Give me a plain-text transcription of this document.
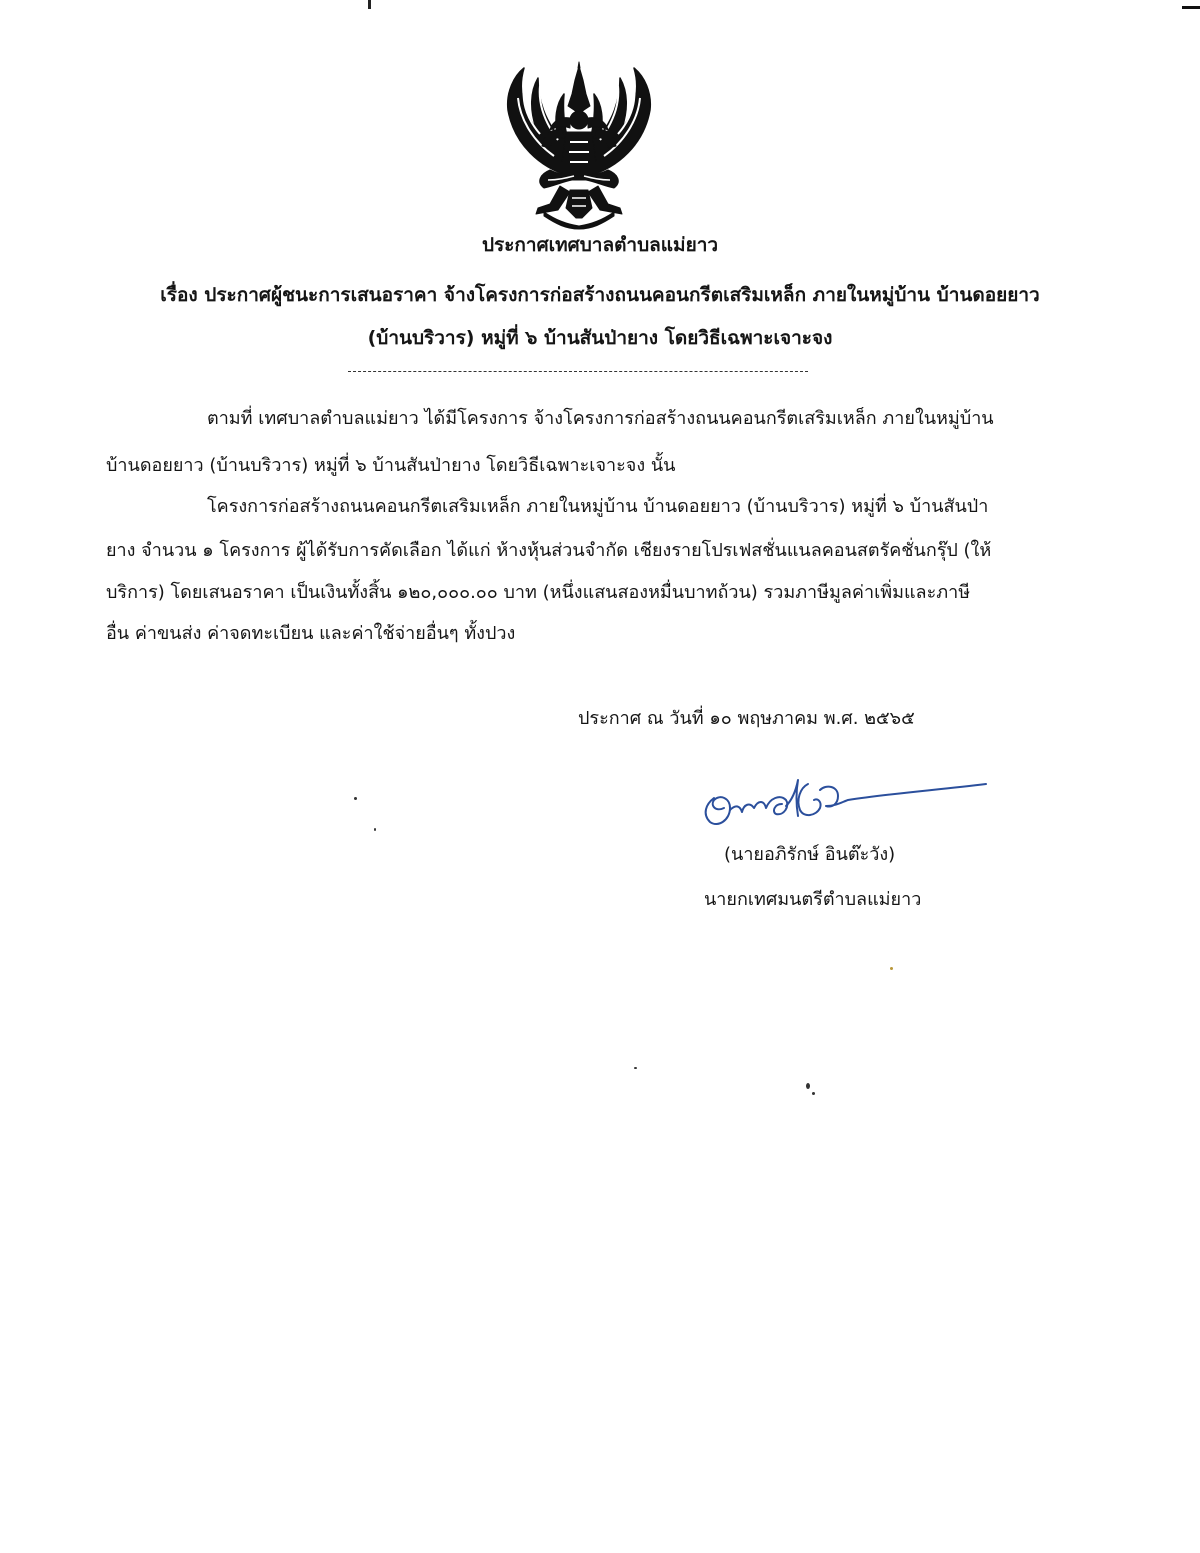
ประกาศเทศบาลตำบลแม่ยาว
เรื่อง ประกาศผู้ชนะการเสนอราคา จ้างโครงการก่อสร้างถนนคอนกรีตเสริมเหล็ก ภายในหมู่บ้าน บ้านดอยยาว
(บ้านบริวาร) หมู่ที่ ๖ บ้านสันป่ายาง โดยวิธีเฉพาะเจาะจง
ตามที่ เทศบาลตำบลแม่ยาว ได้มีโครงการ จ้างโครงการก่อสร้างถนนคอนกรีตเสริมเหล็ก ภายในหมู่บ้าน
บ้านดอยยาว (บ้านบริวาร) หมู่ที่ ๖ บ้านสันป่ายาง โดยวิธีเฉพาะเจาะจง นั้น
โครงการก่อสร้างถนนคอนกรีตเสริมเหล็ก ภายในหมู่บ้าน บ้านดอยยาว (บ้านบริวาร) หมู่ที่ ๖ บ้านสันป่า
ยาง จำนวน ๑ โครงการ ผู้ได้รับการคัดเลือก ได้แก่ ห้างหุ้นส่วนจำกัด เชียงรายโปรเฟสชั่นแนลคอนสตรัคชั่นกรุ๊ป (ให้
บริการ) โดยเสนอราคา เป็นเงินทั้งสิ้น ๑๒๐,๐๐๐.๐๐ บาท (หนึ่งแสนสองหมื่นบาทถ้วน) รวมภาษีมูลค่าเพิ่มและภาษี
อื่น ค่าขนส่ง ค่าจดทะเบียน และค่าใช้จ่ายอื่นๆ ทั้งปวง
ประกาศ ณ วันที่ ๑๐ พฤษภาคม พ.ศ. ๒๕๖๕
(นายอภิรักษ์ อินต๊ะวัง)
นายกเทศมนตรีตำบลแม่ยาว
